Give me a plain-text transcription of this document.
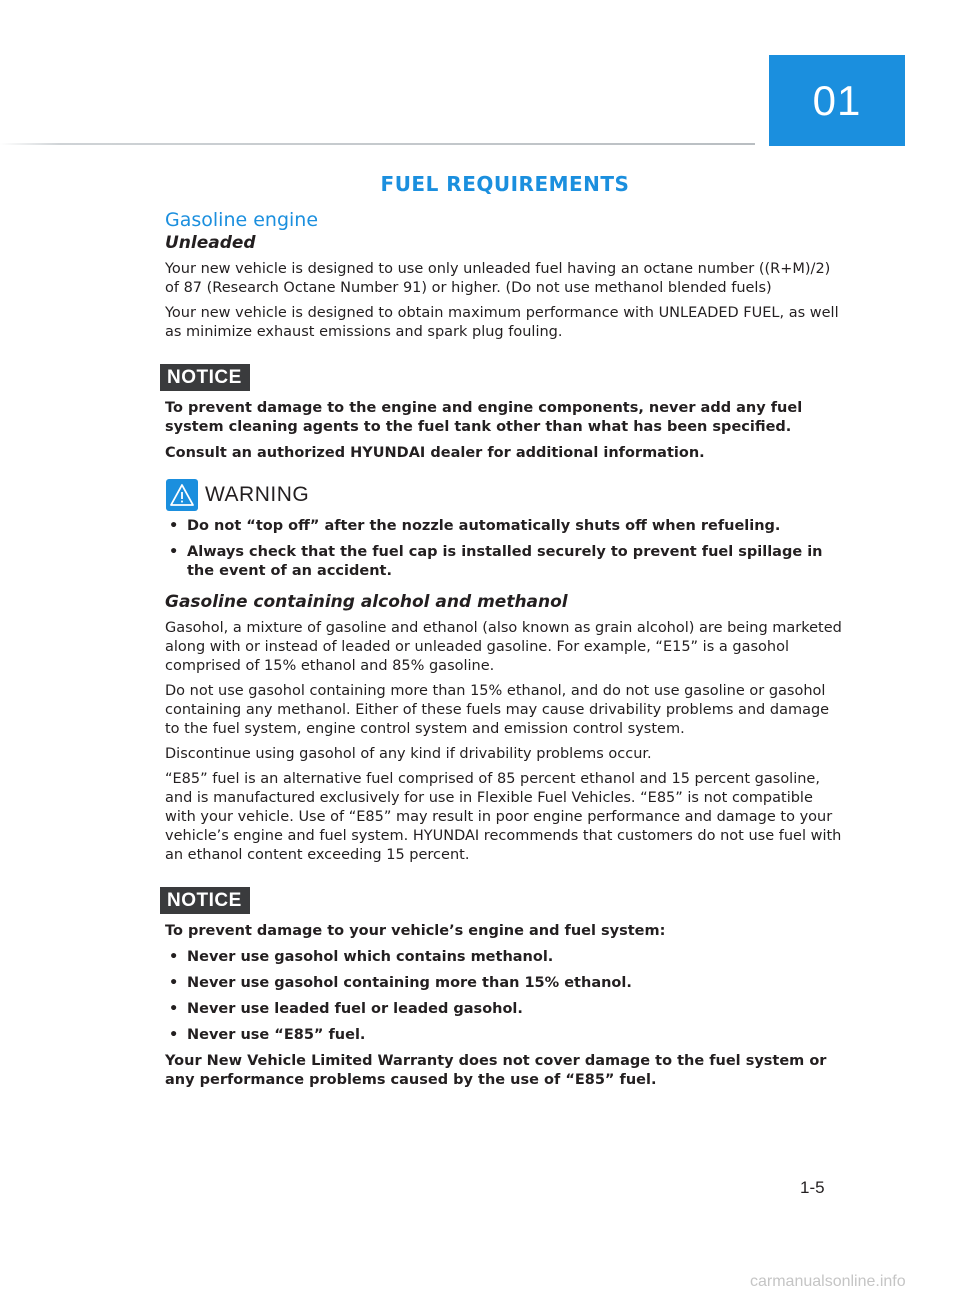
01
FUEL REQUIREMENTS
Gasoline engine
Unleaded

Your new vehicle is designed to use only unleaded fuel having an octane number ((R+M)/2) of 87 (Research Octane Number 91) or higher. (Do not use methanol blended fuels)

Your new vehicle is designed to obtain maximum performance with UNLEADED FUEL, as well as minimize exhaust emissions and spark plug fouling.

NOTICE
To prevent damage to the engine and engine components, never add any fuel system cleaning agents to the fuel tank other than what has been specified.
Consult an authorized HYUNDAI dealer for additional information.
WARNING
• Do not “top off” after the nozzle automatically shuts off when refueling.
• Always check that the fuel cap is installed securely to prevent fuel spillage in the event of an accident.
Gasoline containing alcohol and methanol

Gasohol, a mixture of gasoline and ethanol (also known as grain alcohol) are being marketed along with or instead of leaded or unleaded gasoline. For example, “E15” is a gasohol comprised of 15% ethanol and 85% gasoline.

Do not use gasohol containing more than 15% ethanol, and do not use gasoline or gasohol containing any methanol. Either of these fuels may cause drivability problems and damage to the fuel system, engine control system and emission control system.

Discontinue using gasohol of any kind if drivability problems occur.

“E85” fuel is an alternative fuel comprised of 85 percent ethanol and 15 percent gasoline, and is manufactured exclusively for use in Flexible Fuel Vehicles. “E85” is not compatible with your vehicle. Use of “E85” may result in poor engine performance and damage to your vehicle’s engine and fuel system. HYUNDAI recommends that customers do not use fuel with an ethanol content exceeding 15 percent.

NOTICE
To prevent damage to your vehicle’s engine and fuel system:
• Never use gasohol which contains methanol.
• Never use gasohol containing more than 15% ethanol.
• Never use leaded fuel or leaded gasohol.
• Never use “E85” fuel.
Your New Vehicle Limited Warranty does not cover damage to the fuel system or any performance problems caused by the use of “E85” fuel.
1-5
carmanualsonline.info
